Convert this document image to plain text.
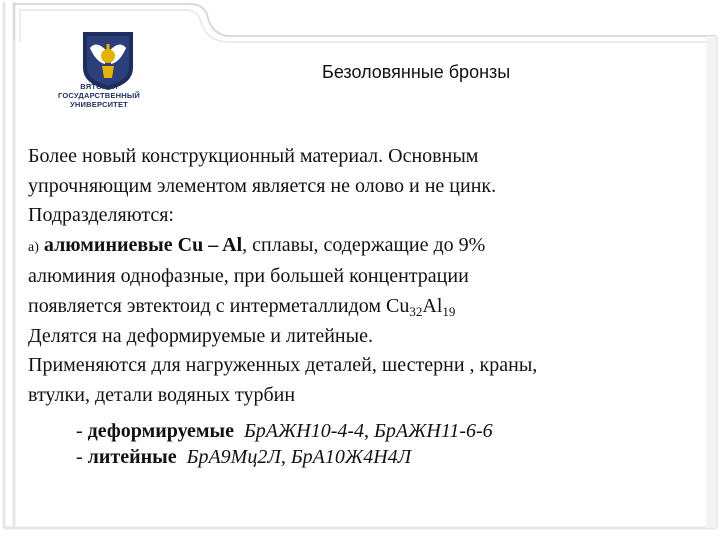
ВЯТСКИЙ
ГОСУДАРСТВЕННЫЙ
УНИВЕРСИТЕТ
Безоловянные бронзы
Более новый конструкционный материал. Основным
упрочняющим элементом является не олово и не цинк.
Подразделяются:
а) алюминиевые Cu – Al, сплавы, содержащие до 9%
алюминия однофазные, при большей концентрации
появляется эвтектоид с интерметаллидом $Cu_{32}Al_{19}$
Делятся на деформируемые и литейные.
Применяются для нагруженных деталей, шестерни , краны,
втулки, детали водяных турбин
- деформируемые БрАЖН10-4-4, БрАЖН11-6-6
- литейные БрА9Мц2Л, БрА10Ж4Н4Л
